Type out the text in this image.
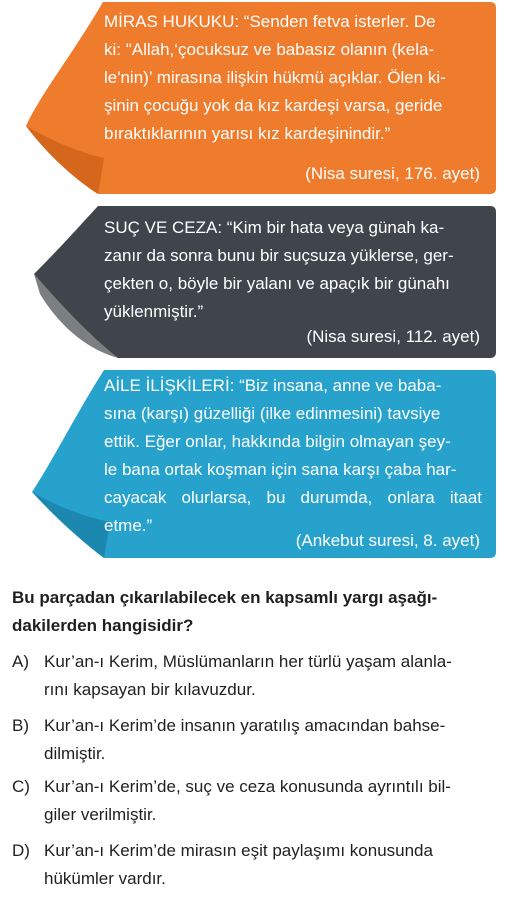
MİRAS HUKUKU: “Senden fetva isterler. De
ki: "Allah,‘çocuksuz ve babasız olanın (kela-
le'nin)’ mirasına ilişkin hükmü açıklar. Ölen ki-
şinin çocuğu yok da kız kardeşi varsa, geride
bıraktıklarının yarısı kız kardeşinindir.”
(Nisa suresi, 176. ayet)
SUÇ VE CEZA: “Kim bir hata veya günah ka-
zanır da sonra bunu bir suçsuza yüklerse, ger-
çekten o, böyle bir yalanı ve apaçık bir günahı
yüklenmiştir.”
(Nisa suresi, 112. ayet)
AİLE İLİŞKİLERİ: “Biz insana, anne ve baba-
sına (karşı) güzelliği (ilke edinmesini) tavsiye
ettik. Eğer onlar, hakkında bilgin olmayan şey-
le bana ortak koşman için sana karşı çaba har-
cayacak olurlarsa, bu durumda, onlara itaat etme.”
(Ankebut suresi, 8. ayet)
Bu parçadan çıkarılabilecek en kapsamlı yargı aşağı-
dakilerden hangisidir?
A) Kur’an-ı Kerim, Müslümanların her türlü yaşam alanla-
rını kapsayan bir kılavuzdur.
B) Kur’an-ı Kerim’de insanın yaratılış amacından bahse-
dilmiştir.
C) Kur’an-ı Kerim’de, suç ve ceza konusunda ayrıntılı bil-
giler verilmiştir.
D) Kur’an-ı Kerim’de mirasın eşit paylaşımı konusunda
hükümler vardır.
